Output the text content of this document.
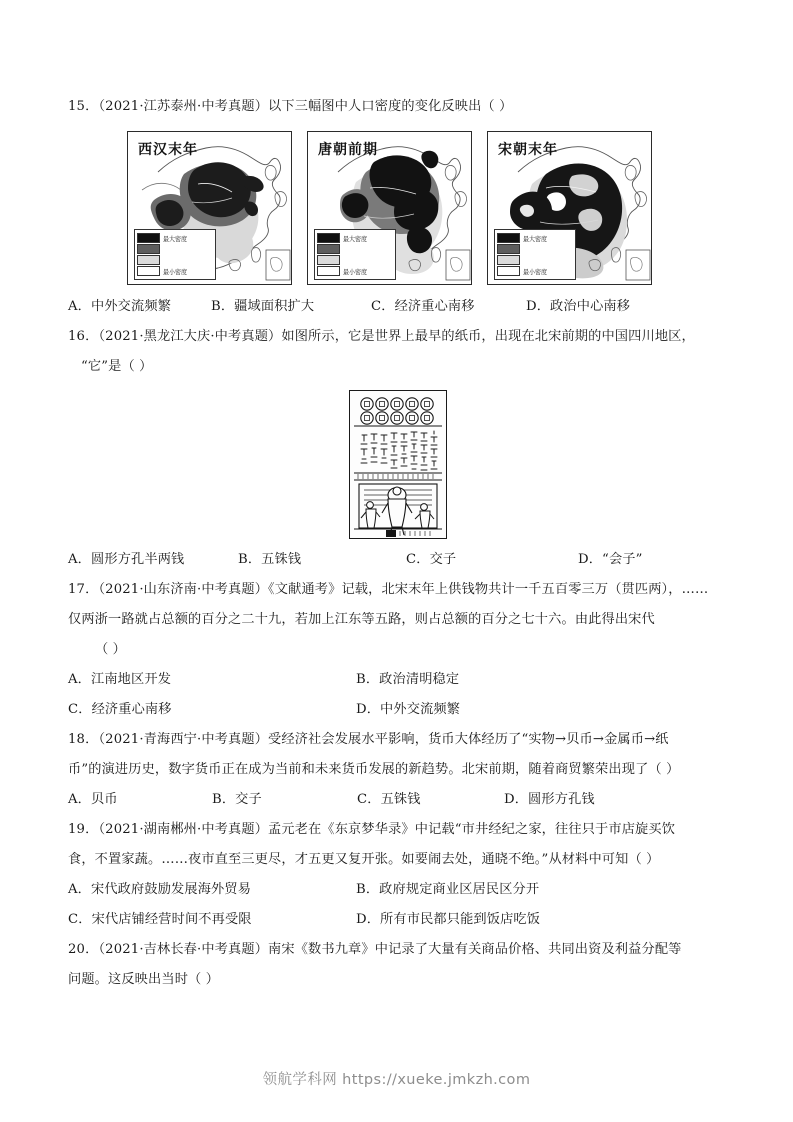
15．（2021·江苏泰州·中考真题）以下三幅图中人口密度的变化反映出（ ）
西汉末年
最大密度
最小密度
唐朝前期
最大密度
最小密度
宋朝末年
最大密度
最小密度
A．中外交流频繁	B．疆域面积扩大	C．经济重心南移	D．政治中心南移
16．（2021·黑龙江大庆·中考真题）如图所示，它是世界上最早的纸币，出现在北宋前期的中国四川地区，
“它”是（ ）
A．圆形方孔半两钱	B．五铢钱	C．交子	D．“会子”
17．（2021·山东济南·中考真题）《文献通考》记载，北宋末年上供钱物共计一千五百零三万（贯匹两），……
仅两浙一路就占总额的百分之二十九，若加上江东等五路，则占总额的百分之七十六。由此得出宋代
（ ）
A．江南地区开发	B．政治清明稳定
C．经济重心南移	D．中外交流频繁
18．（2021·青海西宁·中考真题）受经济社会发展水平影响，货币大体经历了“实物→贝币→金属币→纸
币”的演进历史，数字货币正在成为当前和未来货币发展的新趋势。北宋前期，随着商贸繁荣出现了（ ）
A．贝币	B．交子	C．五铢钱	D．圆形方孔钱
19．（2021·湖南郴州·中考真题）孟元老在《东京梦华录》中记载“市井经纪之家，往往只于市店旋买饮
食，不置家蔬。……夜市直至三更尽，才五更又复开张。如要闹去处，通晓不绝。”从材料中可知（ ）
A．宋代政府鼓励发展海外贸易	B．政府规定商业区居民区分开
C．宋代店铺经营时间不再受限	D．所有市民都只能到饭店吃饭
20．（2021·吉林长春·中考真题）南宋《数书九章》中记录了大量有关商品价格、共同出资及利益分配等
问题。这反映出当时（ ）
领航学科网 https://xueke.jmkzh.com
